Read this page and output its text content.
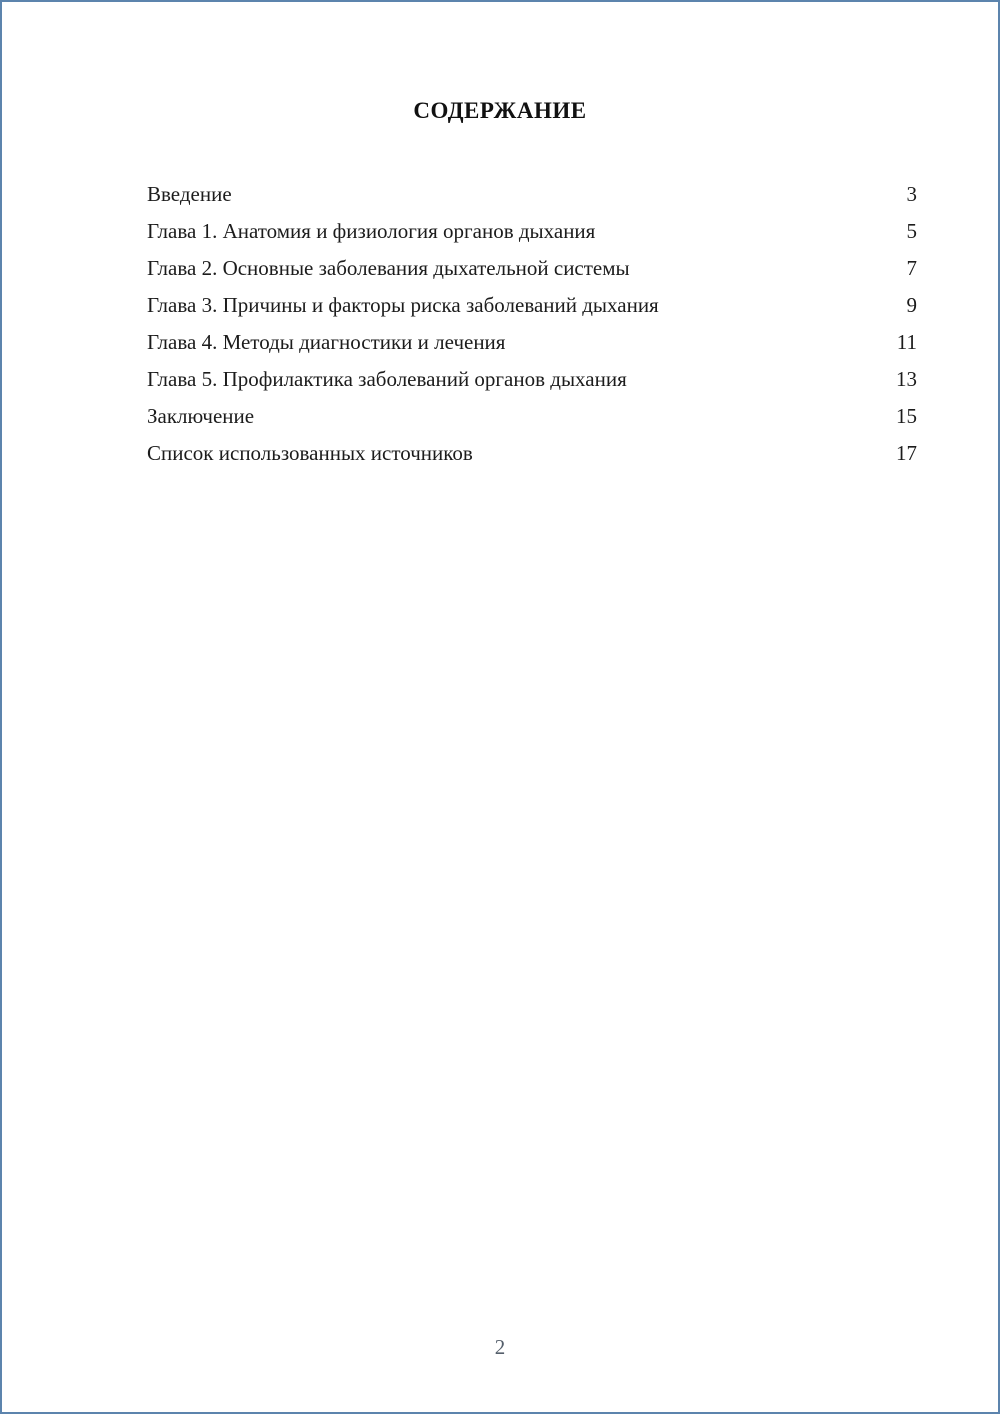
СОДЕРЖАНИЕ
Введение	3
Глава 1. Анатомия и физиология органов дыхания	5
Глава 2. Основные заболевания дыхательной системы	7
Глава 3. Причины и факторы риска заболеваний дыхания	9
Глава 4. Методы диагностики и лечения	11
Глава 5. Профилактика заболеваний органов дыхания	13
Заключение	15
Список использованных источников	17
2
